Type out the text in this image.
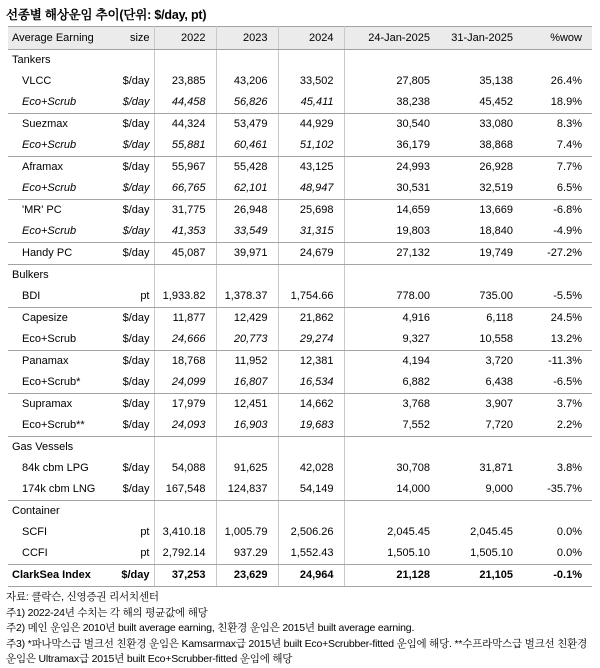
선종별 해상운임 추이(단위: $/day, pt)
Average Earning	size	2022	2023	2024	24-Jan-2025	31-Jan-2025	%wow
Tankers							
VLCC	$/day	23,885	43,206	33,502	27,805	35,138	26.4%
Eco+Scrub	$/day	44,458	56,826	45,411	38,238	45,452	18.9%
Suezmax	$/day	44,324	53,479	44,929	30,540	33,080	8.3%
Eco+Scrub	$/day	55,881	60,461	51,102	36,179	38,868	7.4%
Aframax	$/day	55,967	55,428	43,125	24,993	26,928	7.7%
Eco+Scrub	$/day	66,765	62,101	48,947	30,531	32,519	6.5%
'MR' PC	$/day	31,775	26,948	25,698	14,659	13,669	-6.8%
Eco+Scrub	$/day	41,353	33,549	31,315	19,803	18,840	-4.9%
Handy PC	$/day	45,087	39,971	24,679	27,132	19,749	-27.2%
Bulkers							
BDI	pt	1,933.82	1,378.37	1,754.66	778.00	735.00	-5.5%
Capesize	$/day	11,877	12,429	21,862	4,916	6,118	24.5%
Eco+Scrub	$/day	24,666	20,773	29,274	9,327	10,558	13.2%
Panamax	$/day	18,768	11,952	12,381	4,194	3,720	-11.3%
Eco+Scrub*	$/day	24,099	16,807	16,534	6,882	6,438	-6.5%
Supramax	$/day	17,979	12,451	14,662	3,768	3,907	3.7%
Eco+Scrub**	$/day	24,093	16,903	19,683	7,552	7,720	2.2%
Gas Vessels							
84k cbm LPG	$/day	54,088	91,625	42,028	30,708	31,871	3.8%
174k cbm LNG	$/day	167,548	124,837	54,149	14,000	9,000	-35.7%
Container							
SCFI	pt	3,410.18	1,005.79	2,506.26	2,045.45	2,045.45	0.0%
CCFI	pt	2,792.14	937.29	1,552.43	1,505.10	1,505.10	0.0%
ClarkSea Index	$/day	37,253	23,629	24,964	21,128	21,105	-0.1%
자료: 클락슨, 신영증권 리서치센터
주1) 2022-24년 수치는 각 해의 평균값에 해당
주2) 메인 운임은 2010년 built average earning, 친환경 운임은 2015년 built average earning.
주3) *파나막스급 벌크선 친환경 운임은 Kamsarmax급 2015년 built Eco+Scrubber-fitted 운임에 해당. **수프라막스급 벌크선 친환경 운임은 Ultramax급 2015년 built Eco+Scrubber-fitted 운임에 해당
